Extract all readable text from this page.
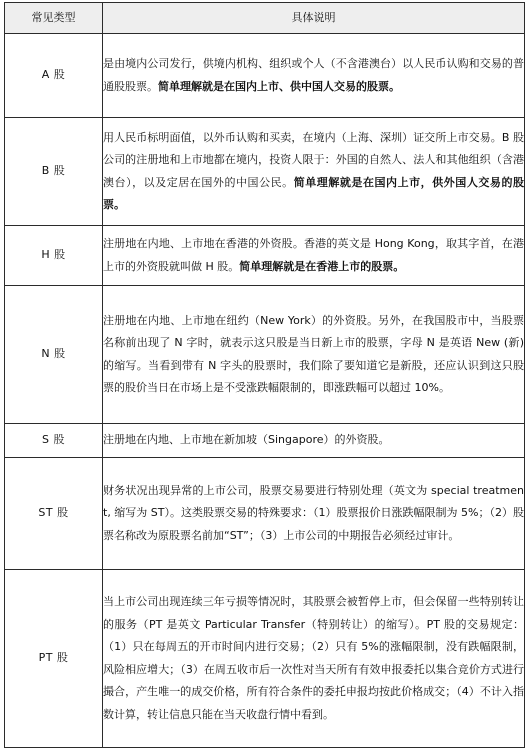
常见类型	具体说明
A 股	是由境内公司发行，供境内机构、组织或个人（不含港澳台）以人民币认购和交易的普通股股票。简单理解就是在国内上市、供中国人交易的股票。
B 股	用人民币标明面值，以外币认购和买卖，在境内（上海、深圳）证交所上市交易。B 股公司的注册地和上市地都在境内，投资人限于：外国的自然人、法人和其他组织（含港澳台），以及定居在国外的中国公民。简单理解就是在国内上市，供外国人交易的股票。
H 股	注册地在内地、上市地在香港的外资股。香港的英文是 Hong Kong，取其字首，在港上市的外资股就叫做 H 股。简单理解就是在香港上市的股票。
N 股	注册地在内地、上市地在纽约（New York）的外资股。另外，在我国股市中，当股票名称前出现了 N 字时，就表示这只股是当日新上市的股票，字母 N 是英语 New (新) 的缩写。当看到带有 N 字头的股票时，我们除了要知道它是新股，还应认识到这只股票的股价当日在市场上是不受涨跌幅限制的，即涨跌幅可以超过 10%。
S 股	注册地在内地、上市地在新加坡（Singapore）的外资股。
ST 股	财务状况出现异常的上市公司，股票交易要进行特别处理（英文为 special treatment, 缩写为 ST）。这类股票交易的特殊要求：（1）股票报价日涨跌幅限制为 5%；（2）股票名称改为原股票名前加“ST”；（3）上市公司的中期报告必须经过审计。
PT 股	当上市公司出现连续三年亏损等情况时，其股票会被暂停上市，但会保留一些特别转让的服务（PT 是英文 Particular Transfer（特别转让）的缩写）。PT 股的交易规定：（1）只在每周五的开市时间内进行交易；（2）只有 5%的涨幅限制，没有跌幅限制，风险相应增大；（3）在周五收市后一次性对当天所有有效申报委托以集合竞价方式进行撮合，产生唯一的成交价格，所有符合条件的委托申报均按此价格成交；（4）不计入指数计算，转让信息只能在当天收盘行情中看到。
